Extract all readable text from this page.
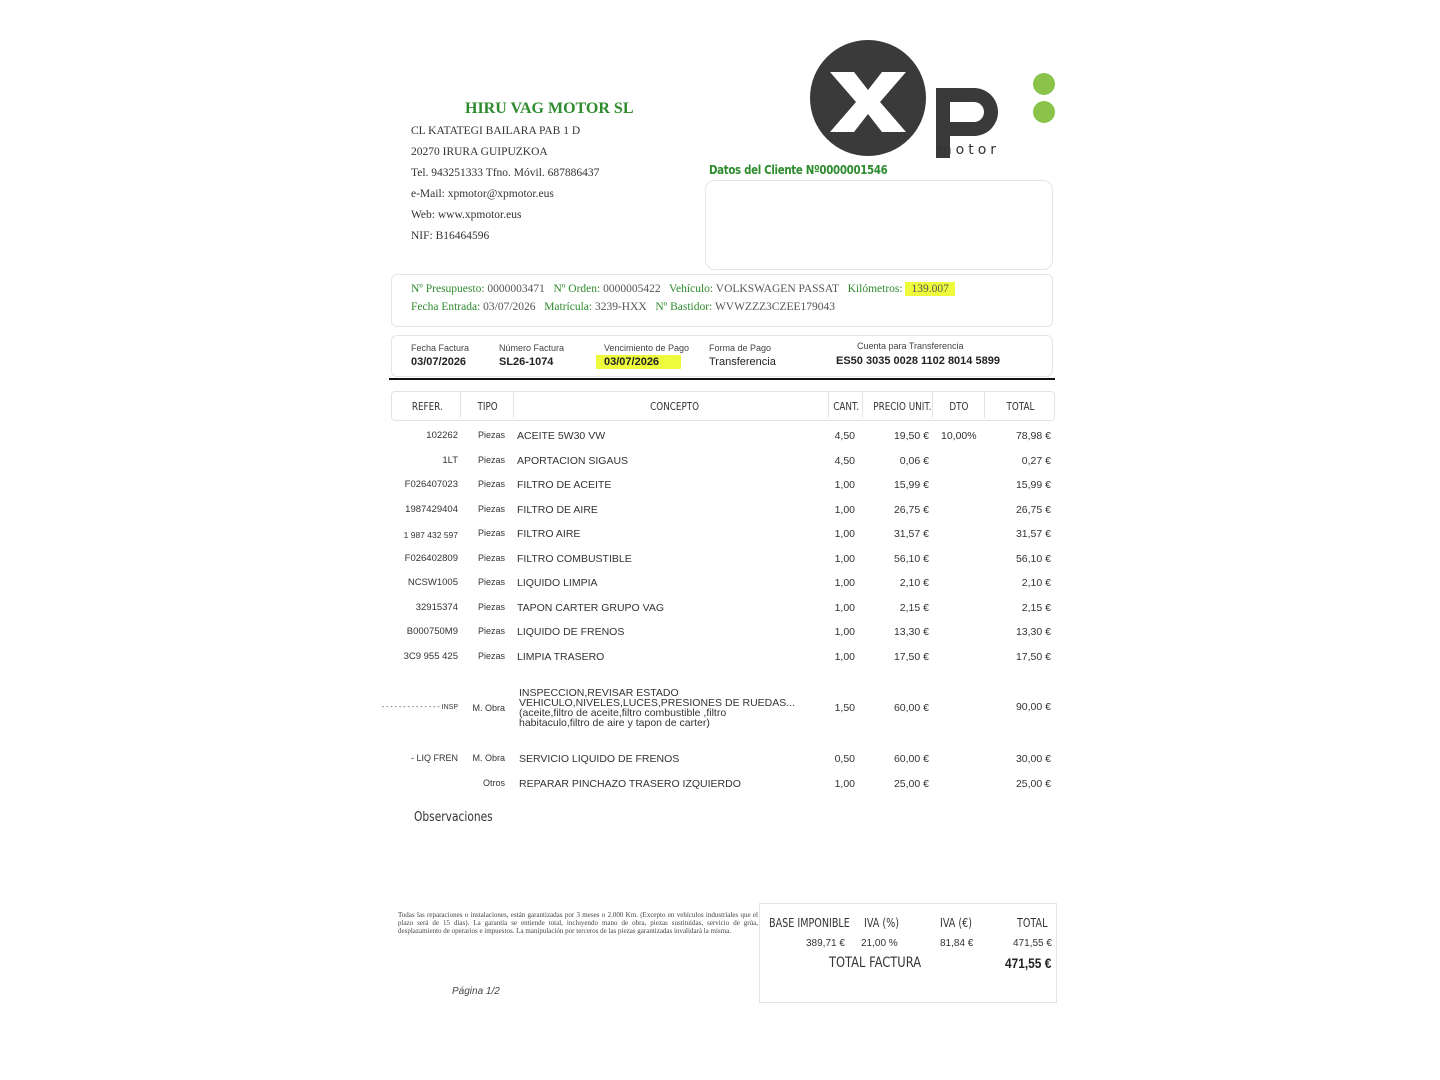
HIRU VAG MOTOR SL
CL KATATEGI BAILARA PAB 1 D
20270 IRURA GUIPUZKOA
Tel. 943251333 Tfno. Móvil. 687886437
e-Mail: xpmotor@xpmotor.eus
Web: www.xpmotor.eus
NIF: B16464596
motor
Datos del Cliente Nº0000001546
Nº Presupuesto: 0000003471 Nº Orden: 0000005422 Vehículo: VOLKSWAGEN PASSAT Kilómetros: 139.007
Fecha Entrada: 03/07/2026 Matrícula: 3239-HXX Nº Bastidor: WVWZZZ3CZEE179043
Fecha Factura
03/07/2026
Número Factura
SL26-1074
Vencimiento de Pago
03/07/2026
Forma de Pago
Transferencia
Cuenta para Transferencia
ES50 3035 0028 1102 8014 5899
REFER.	TIPO	CONCEPTO	CANT. PRECIO UNIT. DTO	TOTAL
102262 Piezas ACEITE 5W30 VW	4,50	19,50 € 10,00%	78,98 €
1LT Piezas APORTACION SIGAUS	4,50	0,06 €	0,27 €
F026407023 Piezas FILTRO DE ACEITE	1,00	15,99 €	15,99 €
1987429404 Piezas FILTRO DE AIRE	1,00	26,75 €	26,75 €
1 987 432 597 Piezas FILTRO AIRE	1,00	31,57 €	31,57 €
F026402809 Piezas FILTRO COMBUSTIBLE	1,00	56,10 €	56,10 €
NCSW1005 Piezas LIQUIDO LIMPIA	1,00	2,10 €	2,10 €
32915374 Piezas TAPON CARTER GRUPO VAG	1,00	2,15 €	2,15 €
B000750M9 Piezas LIQUIDO DE FRENOS	1,00	13,30 €	13,30 €
3C9 955 425 Piezas LIMPIA TRASERO	1,00	17,50 €	17,50 €
- - - - - - - - - - - - - - INSP M. Obra
INSPECCION,REVISAR ESTADO
VEHICULO,NIVELES,LUCES,PRESIONES DE RUEDAS...
(aceite,filtro de aceite,filtro combustible ,filtro
habitaculo,filtro de aire y tapon de carter)
1,50	60,00 €	90,00 €
- LIQ FREN M. Obra SERVICIO LIQUIDO DE FRENOS	0,50	60,00 €	30,00 €
Otros REPARAR PINCHAZO TRASERO IZQUIERDO	1,00	25,00 €	25,00 €
Observaciones
Todas las reparaciones o instalaciones, están garantizadas por 3 meses o 2.000 Km. (Excepto en vehículos industriales que el plazo será de 15 días). La garantía se entiende total, incluyendo mano de obra, piezas sustituidas, servicio de grúa, desplazamiento de operarios e impuestos. La manipulación por terceros de las piezas garantizadas invalidará la misma.
BASE IMPONIBLE IVA (%)	IVA (€)	TOTAL
389,71 € 21,00 %	81,84 €	471,55 €
TOTAL FACTURA	471,55 €
Página 1/2
